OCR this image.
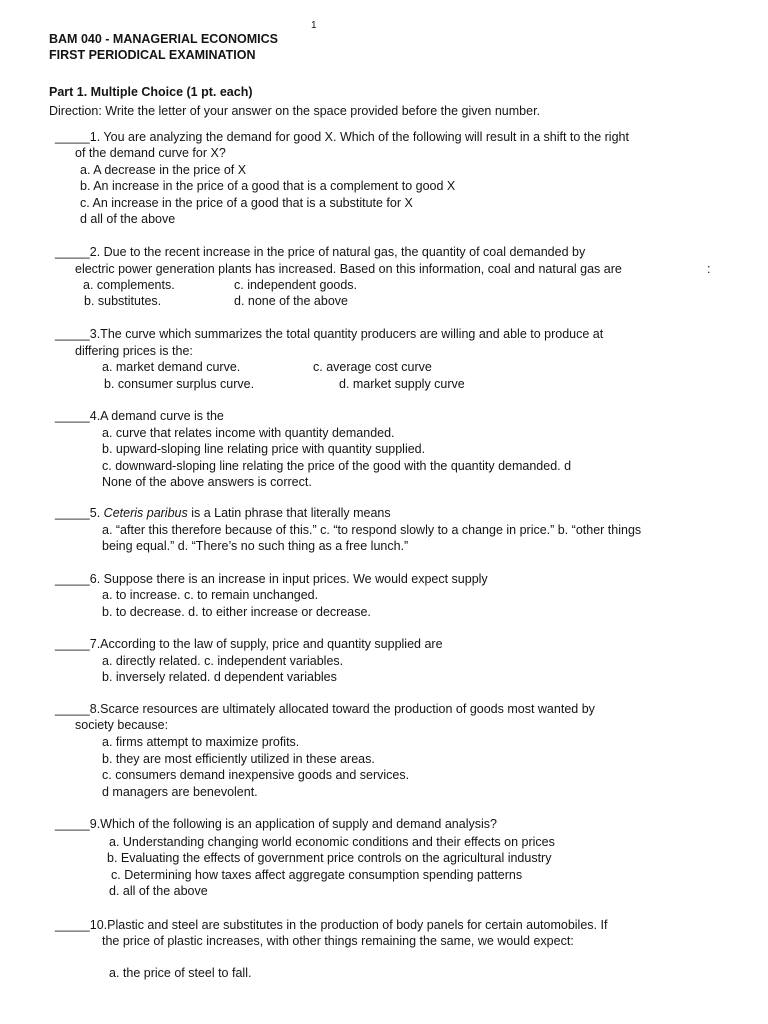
1
BAM 040 - MANAGERIAL ECONOMICS
FIRST PERIODICAL EXAMINATION
Part 1. Multiple Choice (1 pt. each)
Direction: Write the letter of your answer on the space provided before the given number.
_____1. You are analyzing the demand for good X. Which of the following will result in a shift to the right
of the demand curve for X?
a. A decrease in the price of X
b. An increase in the price of a good that is a complement to good X
c. An increase in the price of a good that is a substitute for X
d all of the above
_____2. Due to the recent increase in the price of natural gas, the quantity of coal demanded by
electric power generation plants has increased. Based on this information, coal and natural gas are	:
a. complements.	c. independent goods.
b. substitutes.	d. none of the above
_____3.The curve which summarizes the total quantity producers are willing and able to produce at
differing prices is the:
a. market demand curve.	c. average cost curve
b. consumer surplus curve.	d. market supply curve
_____4.A demand curve is the
a. curve that relates income with quantity demanded.
b. upward-sloping line relating price with quantity supplied.
c. downward-sloping line relating the price of the good with the quantity demanded. d
None of the above answers is correct.
_____5. Ceteris paribus is a Latin phrase that literally means
a. “after this therefore because of this.” c. “to respond slowly to a change in price.” b. “other things
being equal.” d. “There’s no such thing as a free lunch.”
_____6. Suppose there is an increase in input prices. We would expect supply
a. to increase. c. to remain unchanged.
b. to decrease. d. to either increase or decrease.
_____7.According to the law of supply, price and quantity supplied are
a. directly related. c. independent variables.
b. inversely related. d dependent variables
_____8.Scarce resources are ultimately allocated toward the production of goods most wanted by
society because:
a. firms attempt to maximize profits.
b. they are most efficiently utilized in these areas.
c. consumers demand inexpensive goods and services.
d managers are benevolent.
_____9.Which of the following is an application of supply and demand analysis?
a. Understanding changing world economic conditions and their effects on prices
b. Evaluating the effects of government price controls on the agricultural industry
c. Determining how taxes affect aggregate consumption spending patterns
d. all of the above
_____10.Plastic and steel are substitutes in the production of body panels for certain automobiles. If
the price of plastic increases, with other things remaining the same, we would expect:
a. the price of steel to fall.
